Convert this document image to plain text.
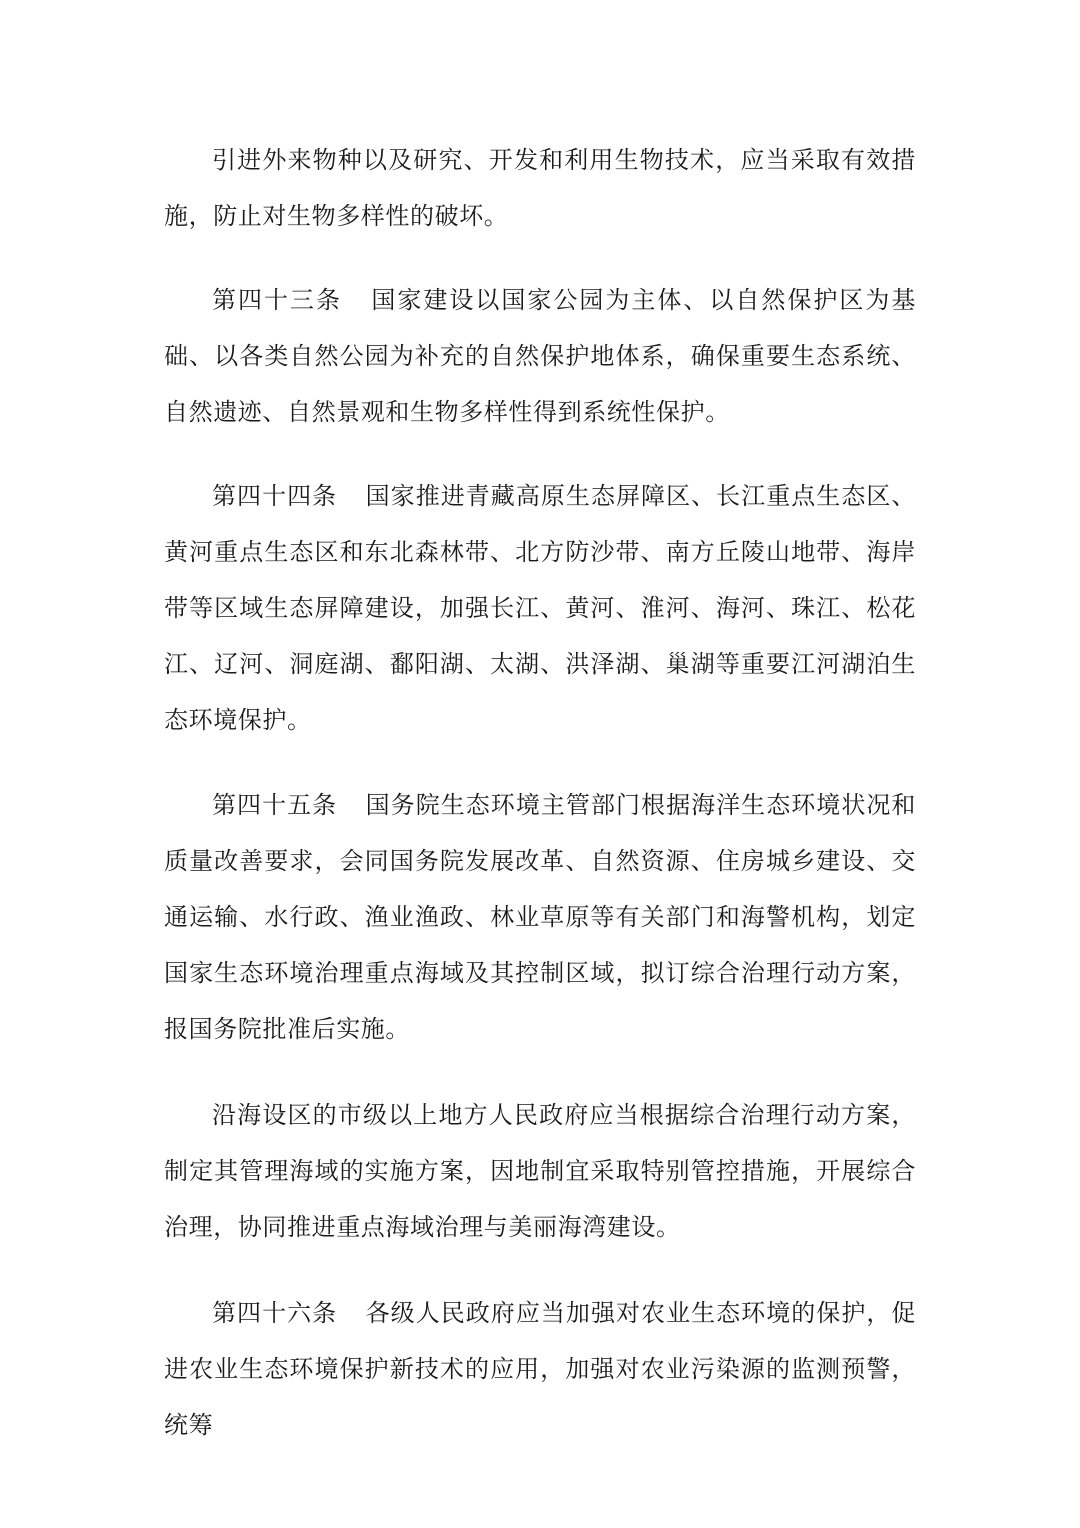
引进外来物种以及研究、开发和利用生物技术，应当采取有效措施，防止对生物多样性的破坏。

第四十三条 国家建设以国家公园为主体、以自然保护区为基础、以各类自然公园为补充的自然保护地体系，确保重要生态系统、自然遗迹、自然景观和生物多样性得到系统性保护。

第四十四条 国家推进青藏高原生态屏障区、长江重点生态区、黄河重点生态区和东北森林带、北方防沙带、南方丘陵山地带、海岸带等区域生态屏障建设，加强长江、黄河、淮河、海河、珠江、松花江、辽河、洞庭湖、鄱阳湖、太湖、洪泽湖、巢湖等重要江河湖泊生态环境保护。

第四十五条 国务院生态环境主管部门根据海洋生态环境状况和质量改善要求，会同国务院发展改革、自然资源、住房城乡建设、交通运输、水行政、渔业渔政、林业草原等有关部门和海警机构，划定国家生态环境治理重点海域及其控制区域，拟订综合治理行动方案，报国务院批准后实施。

沿海设区的市级以上地方人民政府应当根据综合治理行动方案，制定其管理海域的实施方案，因地制宜采取特别管控措施，开展综合治理，协同推进重点海域治理与美丽海湾建设。

第四十六条 各级人民政府应当加强对农业生态环境的保护，促进农业生态环境保护新技术的应用，加强对农业污染源的监测预警，统筹
